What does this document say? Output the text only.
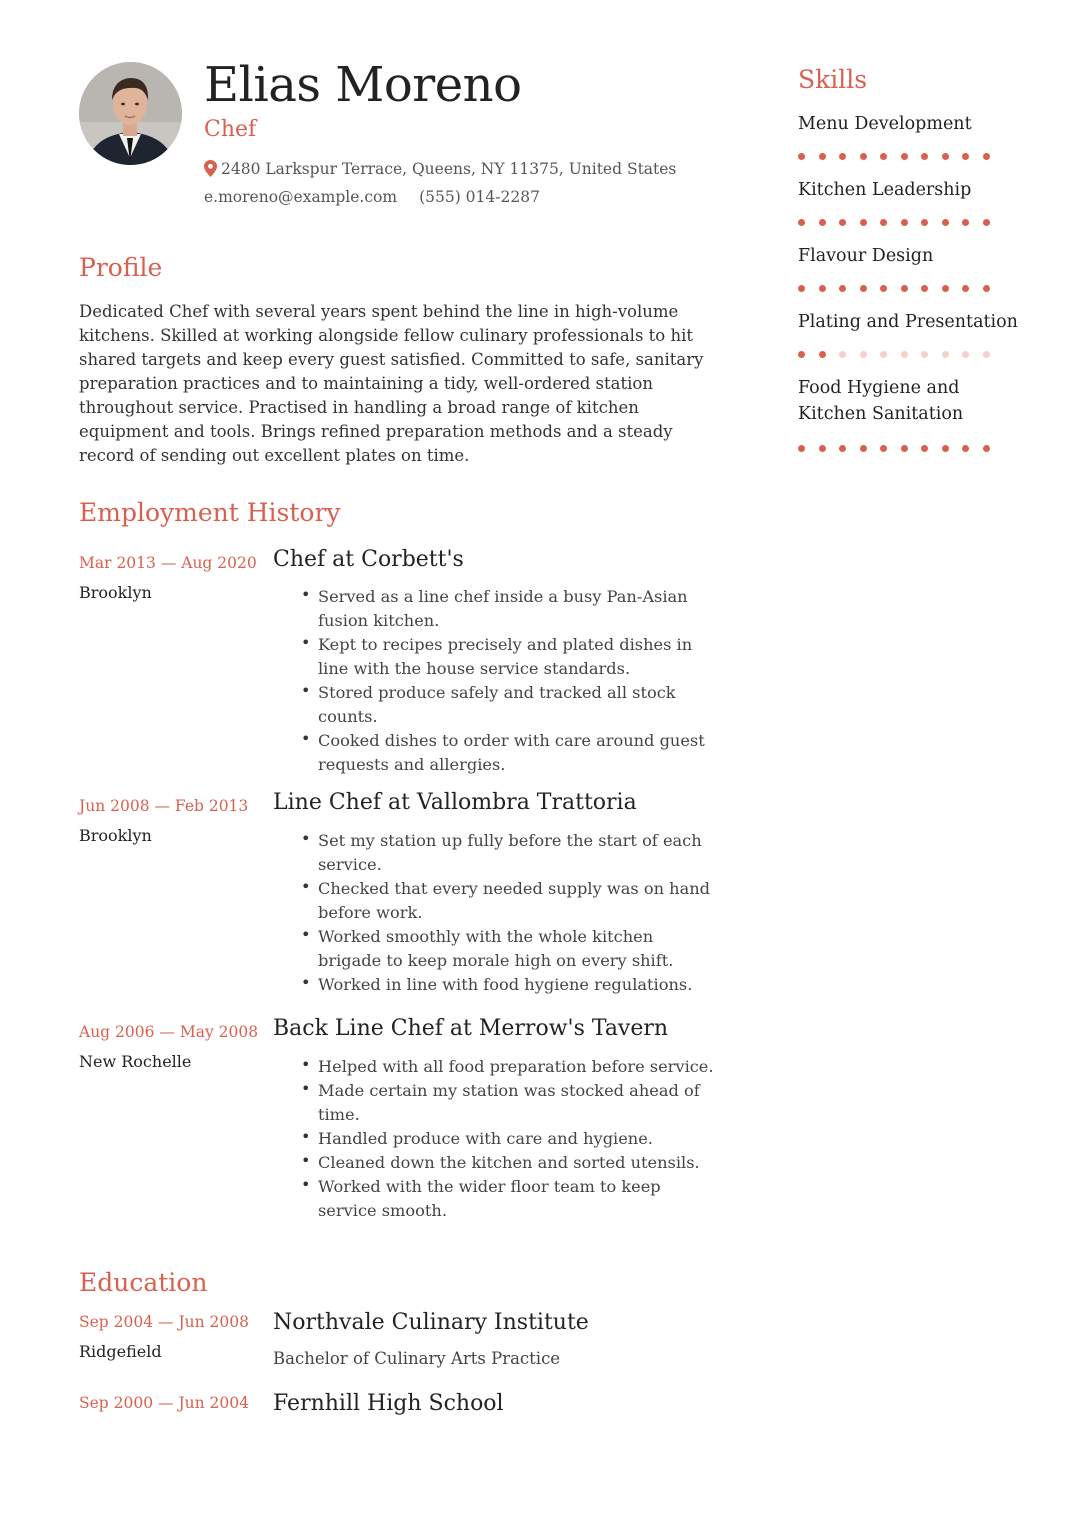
Elias Moreno
Chef
2480 Larkspur Terrace, Queens, NY 11375, United States
e.moreno@example.com (555) 014-2287
Profile
Dedicated Chef with several years spent behind the line in high-volume kitchens. Skilled at working alongside fellow culinary professionals to hit shared targets and keep every guest satisfied. Committed to safe, sanitary preparation practices and to maintaining a tidy, well-ordered station throughout service. Practised in handling a broad range of kitchen equipment and tools. Brings refined preparation methods and a steady record of sending out excellent plates on time.
Employment History
Mar 2013 — Aug 2020
Brooklyn
Chef at Corbett's
• Served as a line chef inside a busy Pan-Asian fusion kitchen.
• Kept to recipes precisely and plated dishes in line with the house service standards.
• Stored produce safely and tracked all stock counts.
• Cooked dishes to order with care around guest requests and allergies.
Jun 2008 — Feb 2013
Brooklyn
Line Chef at Vallombra Trattoria
• Set my station up fully before the start of each service.
• Checked that every needed supply was on hand before work.
• Worked smoothly with the whole kitchen brigade to keep morale high on every shift.
• Worked in line with food hygiene regulations.
Aug 2006 — May 2008
New Rochelle
Back Line Chef at Merrow's Tavern
• Helped with all food preparation before service.
• Made certain my station was stocked ahead of time.
• Handled produce with care and hygiene.
• Cleaned down the kitchen and sorted utensils.
• Worked with the wider floor team to keep service smooth.
Education
Sep 2004 — Jun 2008
Ridgefield
Northvale Culinary Institute
Bachelor of Culinary Arts Practice
Sep 2000 — Jun 2004 Fernhill High School
Skills
Menu Development
Kitchen Leadership
Flavour Design
Plating and Presentation
Food Hygiene and Kitchen Sanitation
